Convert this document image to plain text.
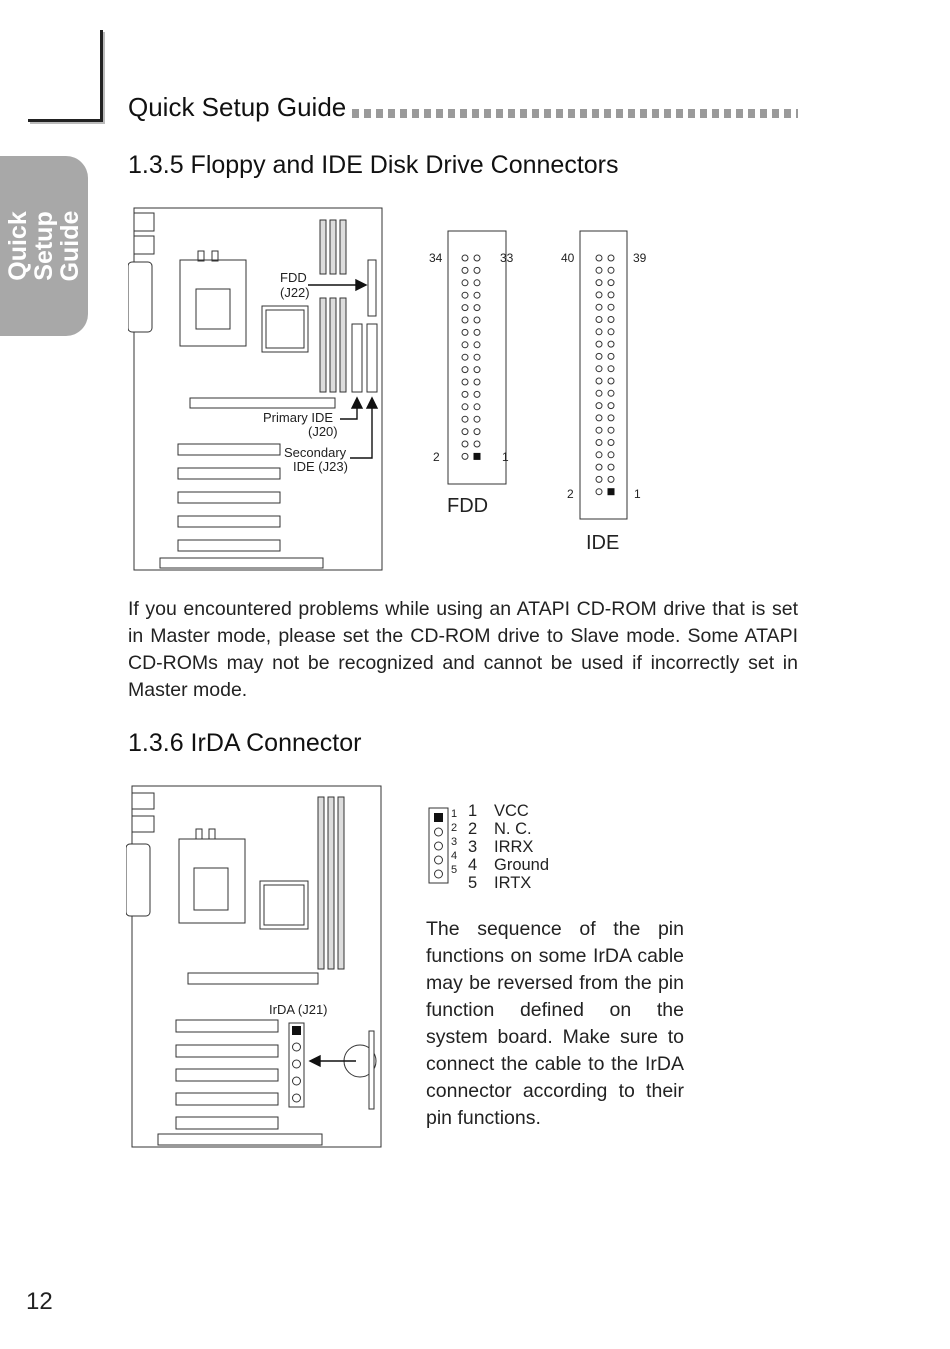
Quick Setup
Guide
Quick Setup Guide
1.3.5 Floppy and IDE Disk Drive Connectors
FDD
(J22)
Primary IDE
(J20)
Secondary
IDE (J23)
34	33
2	1
FDD
40	39
2	1
IDE
If you encountered problems while using an ATAPI CD-ROM drive that is set in Master mode, please set the CD-ROM drive to Slave mode. Some ATAPI CD-ROMs may not be recognized and cannot be used if incorrectly set in Master mode.
1.3.6 IrDA Connector
IrDA (J21)
1
2
3
4
5
1 VCC
2 N. C.
3 IRRX
4 Ground
5 IRTX
The sequence of the pin functions on some IrDA cable may be reversed from the pin function defined on the system board. Make sure to connect the cable to the IrDA connector according to their pin functions.
12
